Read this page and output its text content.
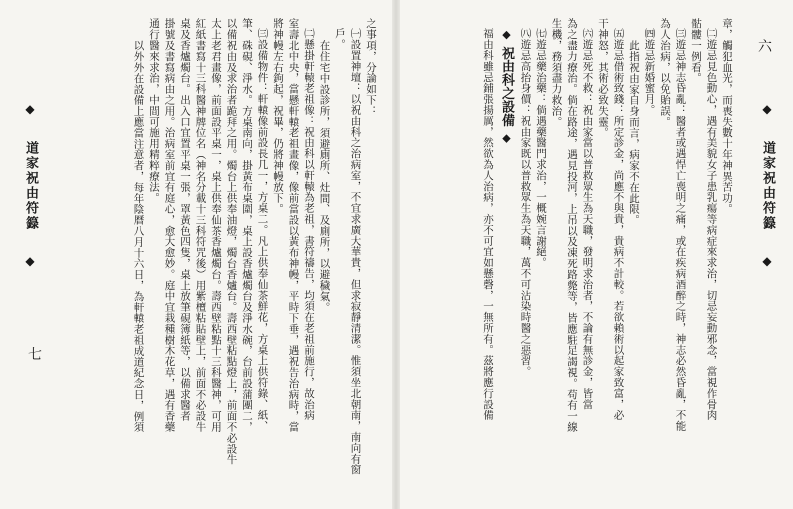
◆ 道家祝由符籙 ◆
七

之事項，分論如下：

㈠設置神壇：以祝由科之治病室，不宜求廣大華貴，但求寂靜清潔。惟須坐北朝南，南向有窗戶。

在住宅中設診所，須避廁所、灶間、及廁所，以避穢氣。

㈡懸掛軒轅老祖像：祝由科以軒轅為老祖，書符禱告，均須在老祖前施行，故治病

室壽北中央，當懸軒轅老祖畫像，像前當設以黃布神幔，平時下垂，遇祝告治病時，當

將神幔左右鉤起，祝畢，仍將神幔放下。

㈢設備物件：軒轅像前設長几一，方桌二。凡上供奉仙茶鮮花，方桌上供符錄、紙、

筆、硃硯、淨水。方桌南向，掛黃布桌圍，桌上設香爐燭台及淨水碗，台前設蒲團二，

以備祝由及求治者跪拜之用。燭台上供奉油燈，燭台香爐台。壽西壁粘點燈上，前面不必設牛

太上老君畫像，前面設平桌一，桌上供奉仙茶香爐燭台。壽西壁粘點十三科醫神，可用

紅紙書寫十三科醫神牌位名（神名分載十三科符咒後）用紫檀粘貼壁上，前面不必設牛

桌及香爐燭台。出入口宜置平桌一張，罩黃色四隻，桌上放筆硯簿紙等，以備求醫者

掛號及書寫病由之用。治病室前宜有庭心，愈大愈妙。庭中宜栽種樹木花草，遇有香藥

通行醫來求治，中間可施用精粹療法。

以外外在設備上應當注意者，每年陰曆八月十六日，為軒轅老祖成道紀念日，例須	章，觸犯血光，而喪失數十年神異苦功。

㈡遊忌見色動心，遇有美貌女子患乳瘍等病症來求治，切忌妄動邪念，當視作骨肉

骷髏一例看。

㈢遊忌神志昏亂：醫者或遇悍亡喪明之痛，或在疾病酒醉之時，神志必然昏亂，不能

為人治病，以免貽誤。

㈣遊忌新婚蜜月。

此指祝由家自身而言，病家不在此限。

㈤遊忌借術致錢：所定診金，尚應不與貴，貴病不計較。若欲賴術以起家致富，必

干神怒，其術必致失靈。

㈥遊忌死不救：祝由家當以普救眾生為天職，發明求治者，不論有無診金，皆當

為之盡力療治。倘在路途，遇見投河，上吊以及凍死路斃等，皆應駐足謁視。苟有一線

生機，務須盡力救治。

㈦遊忌藥治藥：倘遇藥醫門求治，一概婉言謝絕。

㈧遊忌高抬身價：祝由家既以普救眾生為天職，萬不可沾染時醫之惡習。

◆ 祝由科之設備 ◆

福由科雖忌鋪張揚厲，然欲為人治病，亦不可宜如懸磬，一無所有。茲將應行設備	六
◆ 道家祝由符籙 ◆
